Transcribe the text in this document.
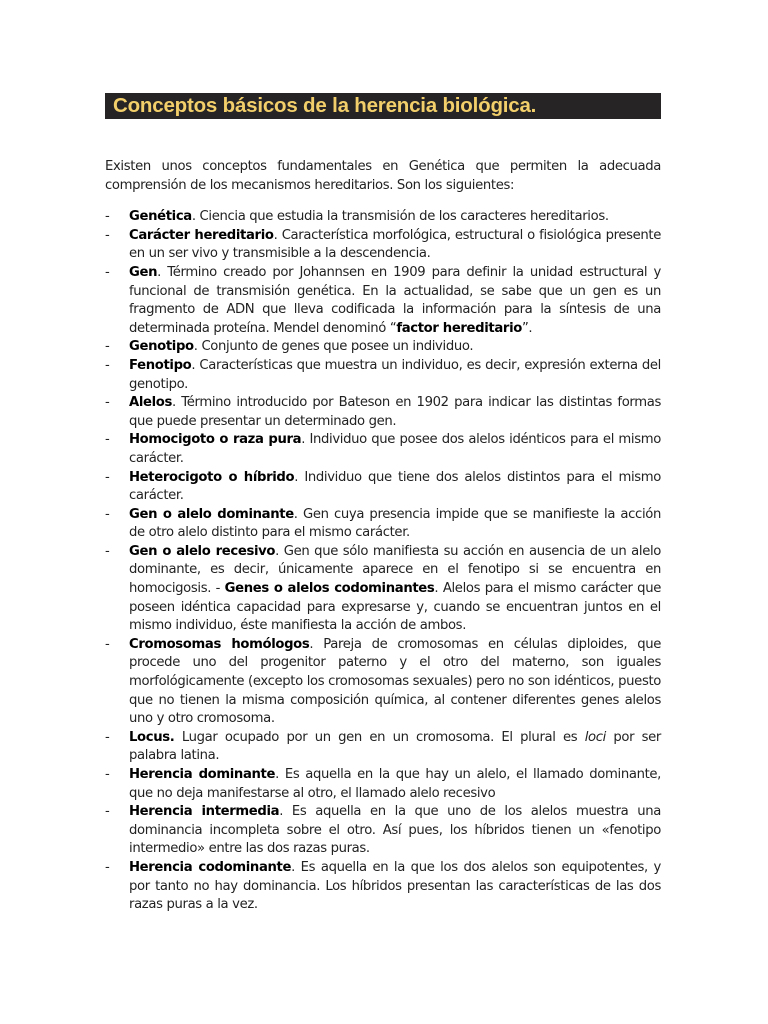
Conceptos básicos de la herencia biológica.

Existen unos conceptos fundamentales en Genética que permiten la adecuada comprensión de los mecanismos hereditarios. Son los siguientes:

- Genética. Ciencia que estudia la transmisión de los caracteres hereditarios.
- Carácter hereditario. Característica morfológica, estructural o fisiológica presente en un ser vivo y transmisible a la descendencia.
- Gen. Término creado por Johannsen en 1909 para definir la unidad estructural y funcional de transmisión genética. En la actualidad, se sabe que un gen es un fragmento de ADN que lleva codificada la información para la síntesis de una determinada proteína. Mendel denominó “factor hereditario”.
- Genotipo. Conjunto de genes que posee un individuo.
- Fenotipo. Características que muestra un individuo, es decir, expresión externa del genotipo.
- Alelos. Término introducido por Bateson en 1902 para indicar las distintas formas que puede presentar un determinado gen.
- Homocigoto o raza pura. Individuo que posee dos alelos idénticos para el mismo carácter.
- Heterocigoto o híbrido. Individuo que tiene dos alelos distintos para el mismo carácter.
- Gen o alelo dominante. Gen cuya presencia impide que se manifieste la acción de otro alelo distinto para el mismo carácter.
- Gen o alelo recesivo. Gen que sólo manifiesta su acción en ausencia de un alelo dominante, es decir, únicamente aparece en el fenotipo si se encuentra en homocigosis. - Genes o alelos codominantes. Alelos para el mismo carácter que poseen idéntica capacidad para expresarse y, cuando se encuentran juntos en el mismo individuo, éste manifiesta la acción de ambos.
- Cromosomas homólogos. Pareja de cromosomas en células diploides, que procede uno del progenitor paterno y el otro del materno, son iguales morfológicamente (excepto los cromosomas sexuales) pero no son idénticos, puesto que no tienen la misma composición química, al contener diferentes genes alelos uno y otro cromosoma.
- Locus. Lugar ocupado por un gen en un cromosoma. El plural es loci por ser palabra latina.
- Herencia dominante. Es aquella en la que hay un alelo, el llamado dominante, que no deja manifestarse al otro, el llamado alelo recesivo
- Herencia intermedia. Es aquella en la que uno de los alelos muestra una dominancia incompleta sobre el otro. Así pues, los híbridos tienen un «fenotipo intermedio» entre las dos razas puras.
- Herencia codominante. Es aquella en la que los dos alelos son equipotentes, y por tanto no hay dominancia. Los híbridos presentan las características de las dos razas puras a la vez.
